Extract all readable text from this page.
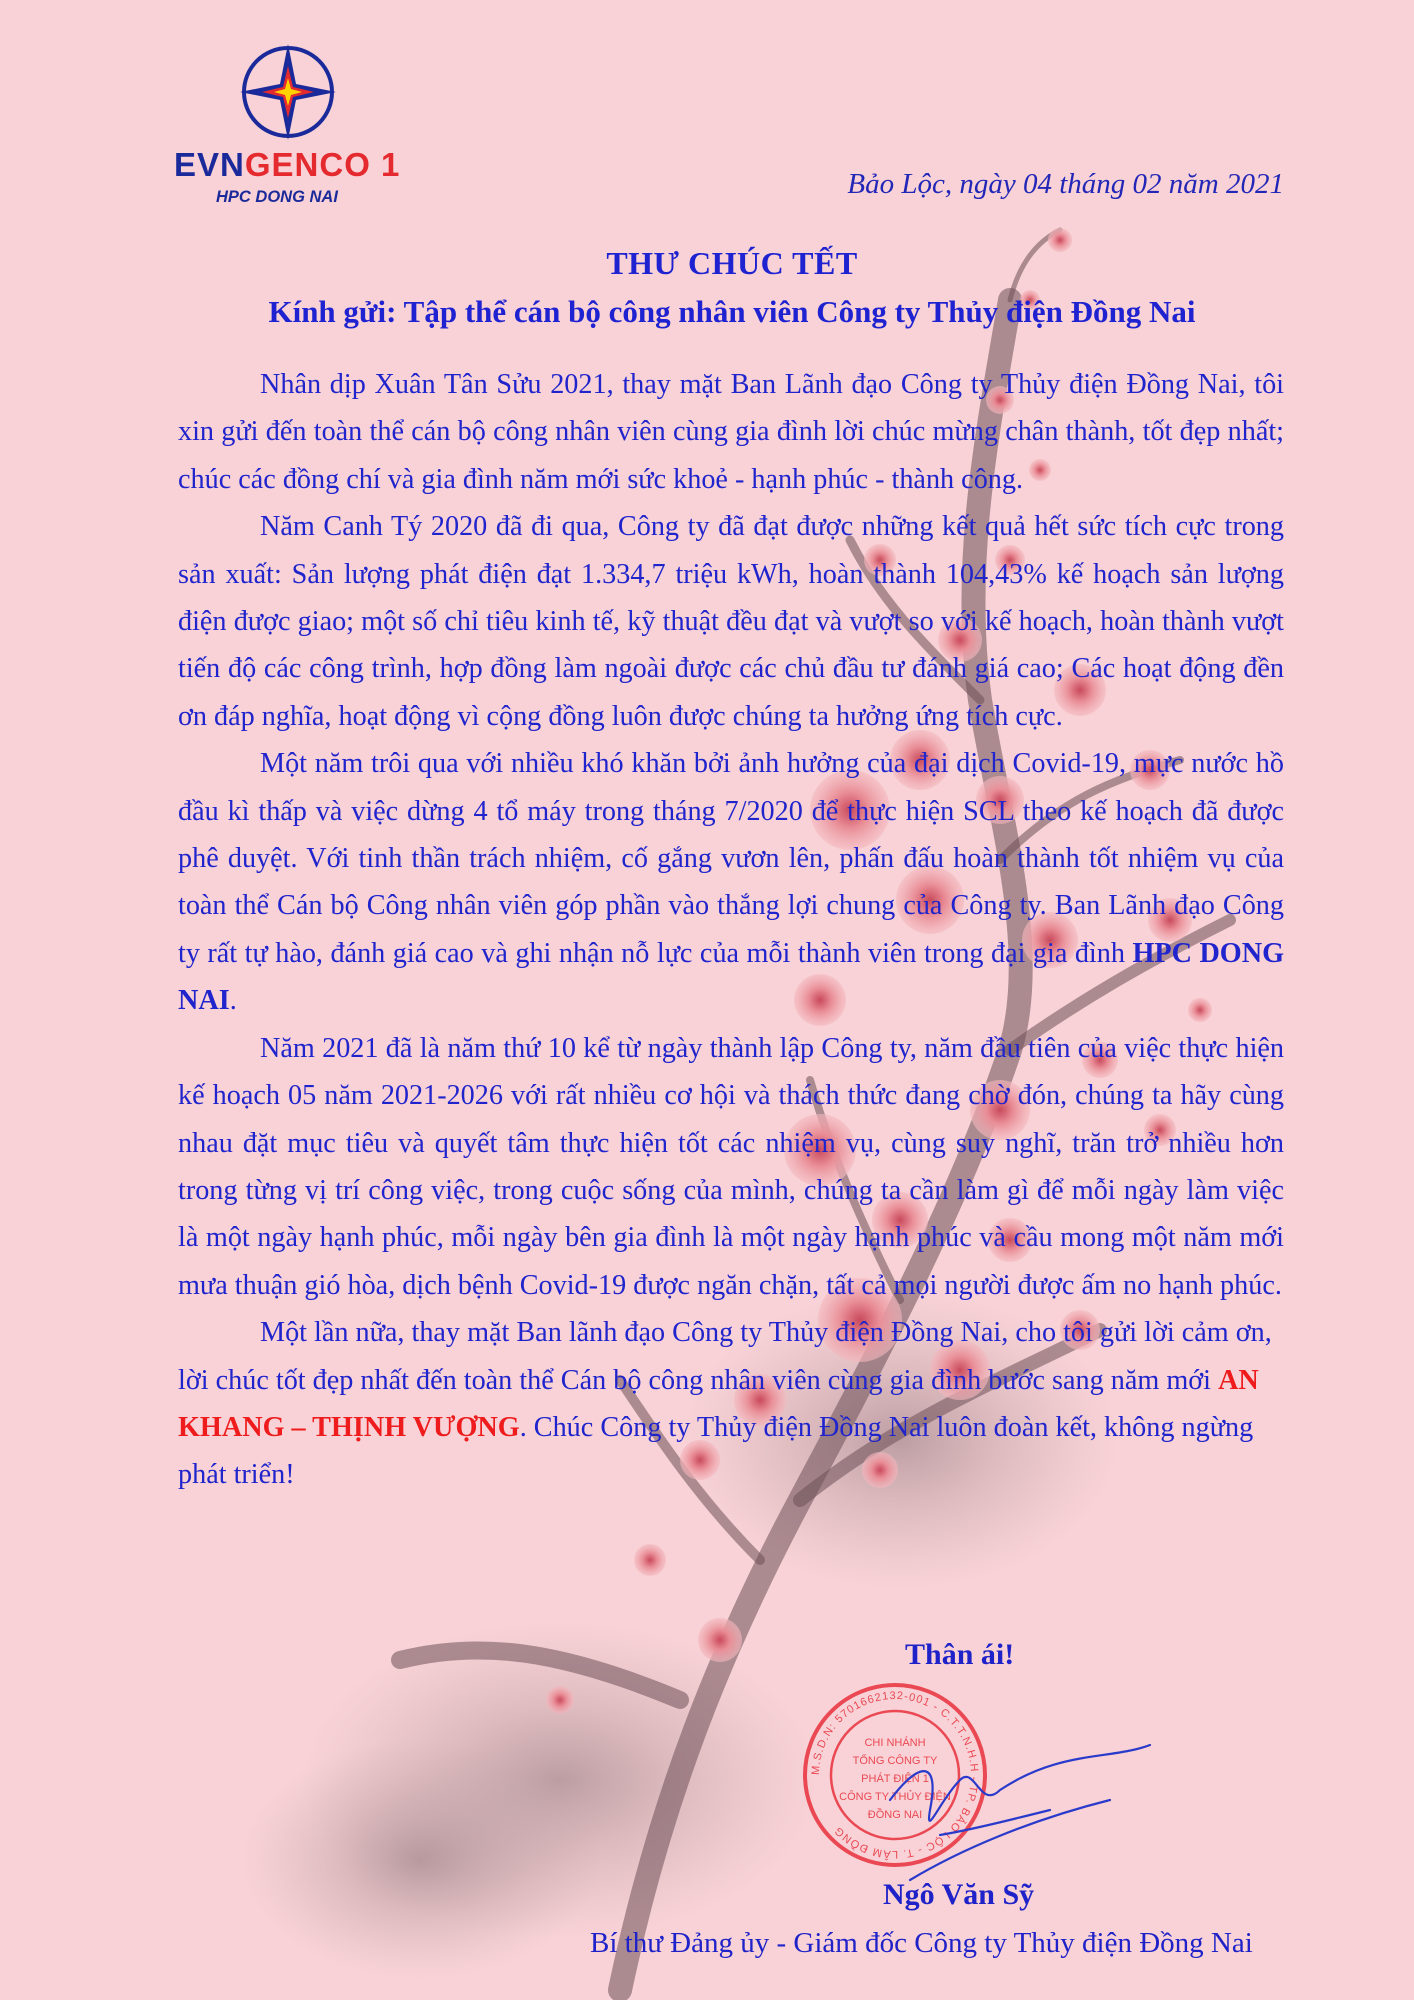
EVNGENCO 1

HPC DONG NAI	Bảo Lộc, ngày 04 tháng 02 năm 2021

THƯ CHÚC TẾT

Kính gửi: Tập thể cán bộ công nhân viên Công ty Thủy điện Đồng Nai

Nhân dịp Xuân Tân Sửu 2021, thay mặt Ban Lãnh đạo Công ty Thủy điện Đồng Nai, tôi xin gửi đến toàn thể cán bộ công nhân viên cùng gia đình lời chúc mừng chân thành, tốt đẹp nhất; chúc các đồng chí và gia đình năm mới sức khoẻ - hạnh phúc - thành công.

Năm Canh Tý 2020 đã đi qua, Công ty đã đạt được những kết quả hết sức tích cực trong sản xuất: Sản lượng phát điện đạt 1.334,7 triệu kWh, hoàn thành 104,43% kế hoạch sản lượng điện được giao; một số chỉ tiêu kinh tế, kỹ thuật đều đạt và vượt so với kế hoạch, hoàn thành vượt tiến độ các công trình, hợp đồng làm ngoài được các chủ đầu tư đánh giá cao; Các hoạt động đền ơn đáp nghĩa, hoạt động vì cộng đồng luôn được chúng ta hưởng ứng tích cực.

Một năm trôi qua với nhiều khó khăn bởi ảnh hưởng của đại dịch Covid-19, mực nước hồ đầu kì thấp và việc dừng 4 tổ máy trong tháng 7/2020 để thực hiện SCL theo kế hoạch đã được phê duyệt. Với tinh thần trách nhiệm, cố gắng vươn lên, phấn đấu hoàn thành tốt nhiệm vụ của toàn thể Cán bộ Công nhân viên góp phần vào thắng lợi chung của Công ty. Ban Lãnh đạo Công ty rất tự hào, đánh giá cao và ghi nhận nỗ lực của mỗi thành viên trong đại gia đình HPC DONG NAI.

Năm 2021 đã là năm thứ 10 kể từ ngày thành lập Công ty, năm đầu tiên của việc thực hiện kế hoạch 05 năm 2021-2026 với rất nhiều cơ hội và thách thức đang chờ đón, chúng ta hãy cùng nhau đặt mục tiêu và quyết tâm thực hiện tốt các nhiệm vụ, cùng suy nghĩ, trăn trở nhiều hơn trong từng vị trí công việc, trong cuộc sống của mình, chúng ta cần làm gì để mỗi ngày làm việc là một ngày hạnh phúc, mỗi ngày bên gia đình là một ngày hạnh phúc và cầu mong một năm mới mưa thuận gió hòa, dịch bệnh Covid-19 được ngăn chặn, tất cả mọi người được ấm no hạnh phúc.

Một lần nữa, thay mặt Ban lãnh đạo Công ty Thủy điện Đồng Nai, cho tôi gửi lời cảm ơn, lời chúc tốt đẹp nhất đến toàn thể Cán bộ công nhân viên cùng gia đình bước sang năm mới AN KHANG – THỊNH VƯỢNG. Chúc Công ty Thủy điện Đồng Nai luôn đoàn kết, không ngừng phát triển!

Thân ái!

M.S.D.N: 5701662132-001 - C.T.T.N.H.H - TP. BẢO LỘC - T. LÂM ĐỒNG
CHI NHÁNH
TỔNG CÔNG TY
PHÁT ĐIỆN 1
CÔNG TY THỦY ĐIỆN
ĐỒNG NAI

Ngô Văn Sỹ

Bí thư Đảng ủy - Giám đốc Công ty Thủy điện Đồng Nai
